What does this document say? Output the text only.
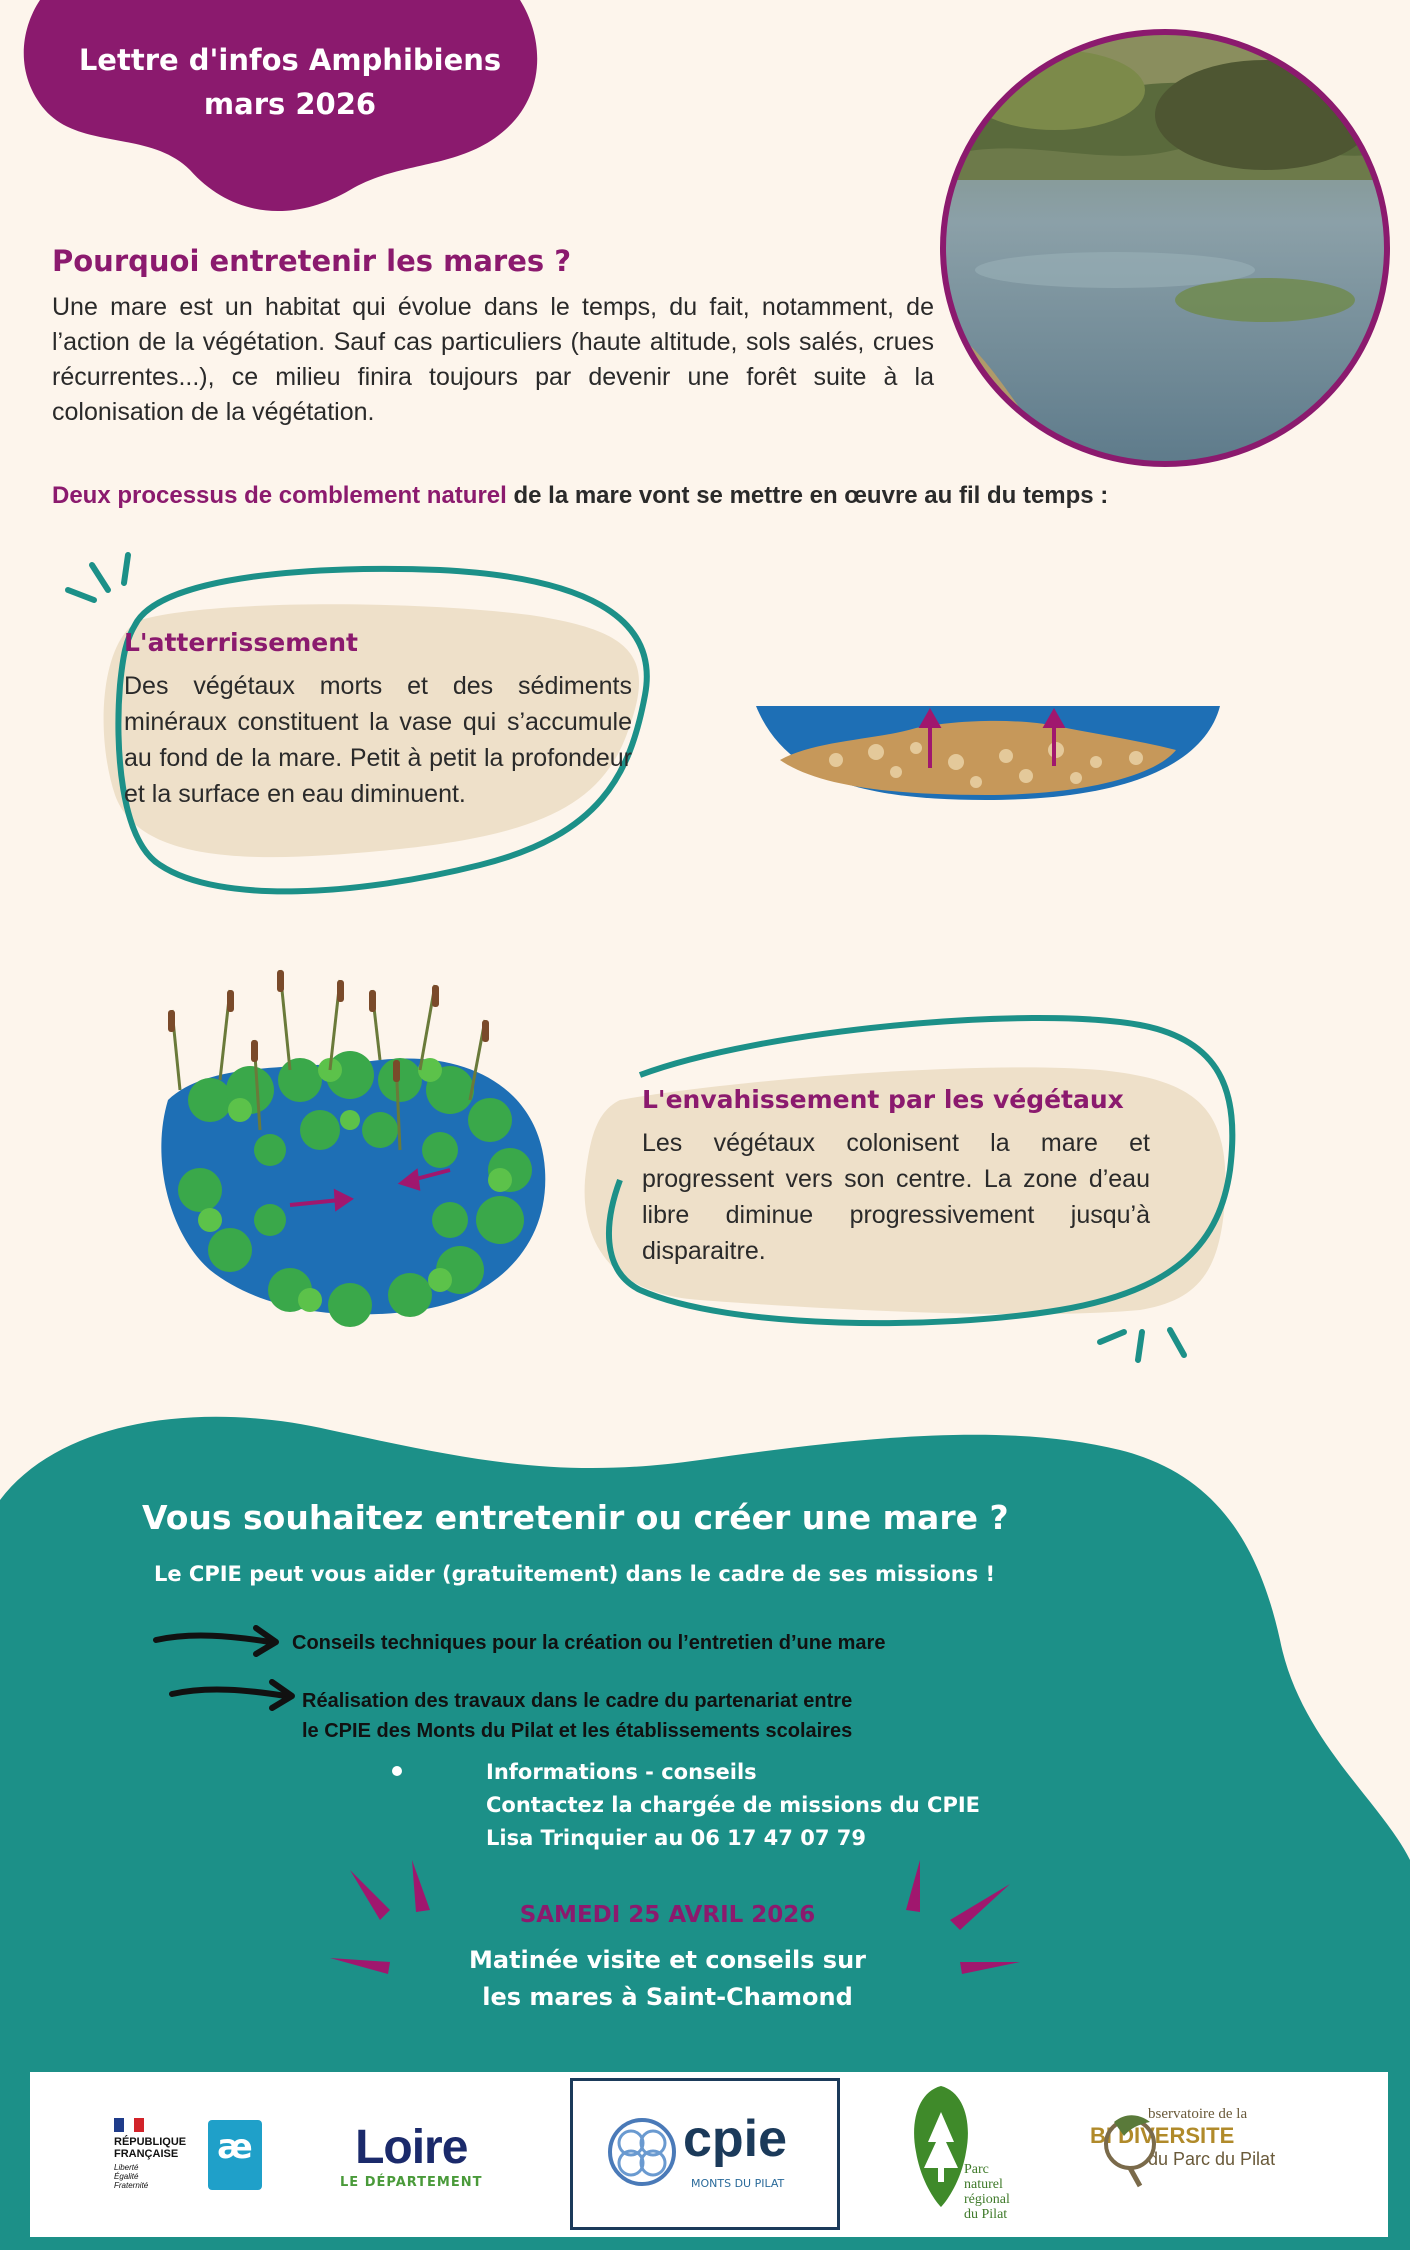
Lettre d'infos Amphibiens
mars 2026
Pourquoi entretenir les mares ?
Une mare est un habitat qui évolue dans le temps, du fait, notamment, de l’action de la végétation. Sauf cas particuliers (haute altitude, sols salés, crues récurrentes...), ce milieu finira toujours par devenir une forêt suite à la colonisation de la végétation.
Deux processus de comblement naturel de la mare vont se mettre en œuvre au fil du temps :
L'atterrissement
Des végétaux morts et des sédiments minéraux constituent la vase qui s’accumule au fond de la mare. Petit à petit la profondeur et la surface en eau diminuent.
L'envahissement par les végétaux
Les végétaux colonisent la mare et progressent vers son centre. La zone d’eau libre diminue progressivement jusqu’à disparaitre.
Vous souhaitez entretenir ou créer une mare ?
Le CPIE peut vous aider (gratuitement) dans le cadre de ses missions !
Conseils techniques pour la création ou l’entretien d’une mare
Réalisation des travaux dans le cadre du partenariat entre
le CPIE des Monts du Pilat et les établissements scolaires
Informations - conseils
Contactez la chargée de missions du CPIE
Lisa Trinquier au 06 17 47 07 79
SAMEDI 25 AVRIL 2026
Matinée visite et conseils sur
les mares à Saint-Chamond
RÉPUBLIQUE
FRANÇAISE
Liberté
Égalité
Fraternité
æ	Loire
LE DÉPARTEMENT
cpie
MONTS DU PILAT
Parc
naturel
régional
du Pilat
bservatoire de la
BI DIVERSITE
du Parc du Pilat
